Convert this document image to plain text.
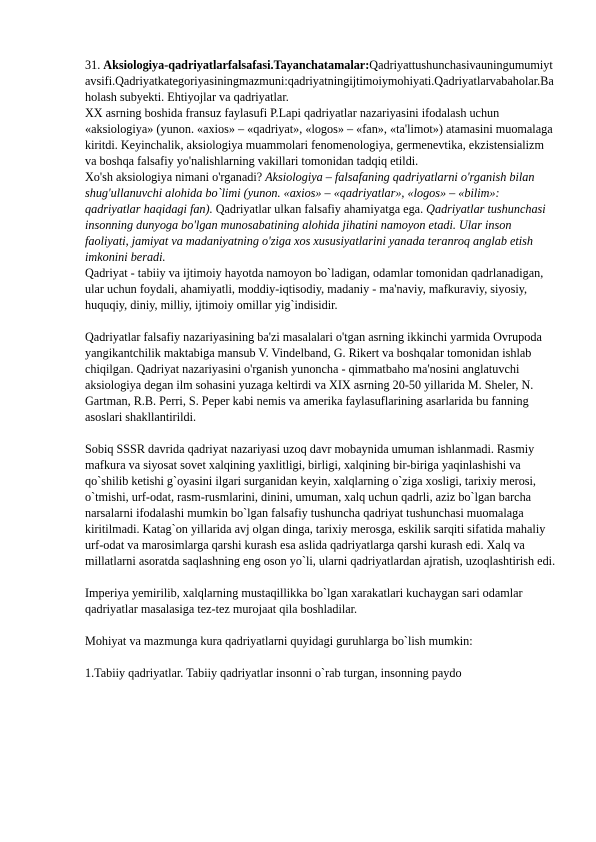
31. Aksiologiya-qadriyatlarfalsafasi.Tayanchatamalar:Qadriyattushunchasivauningumumiytavsifi.Qadriyatkategoriyasiningmazmuni:qadriyatningijtimoiymohiyati.Qadriyatlarvabaholar.Baholash subyekti. Ehtiyojlar va qadriyatlar.

XX asrning boshida fransuz faylasufi P.Lapi qadriyatlar nazariyasini ifodalash uchun «aksiologiya» (yunon. «axios» – «qadriyat», «logos» – «fan», «ta'limot») atamasini muomalaga kiritdi. Keyinchalik, aksiologiya muammolari fenomenologiya, germenevtika, ekzistensializm va boshqa falsafiy yo'nalishlarning vakillari tomonidan tadqiq etildi.

Xo'sh aksiologiya nimani o'rganadi? Aksiologiya – falsafaning qadriyatlarni o'rganish bilan shug'ullanuvchi alohida bo`limi (yunon. «axios» – «qadriyatlar», «logos» – «bilim»: qadriyatlar haqidagi fan). Qadriyatlar ulkan falsafiy ahamiyatga ega. Qadriyatlar tushunchasi insonning dunyoga bo'lgan munosabatining alohida jihatini namoyon etadi. Ular inson faoliyati, jamiyat va madaniyatning o'ziga xos xususiyatlarini yanada teranroq anglab etish imkonini beradi.

Qadriyat - tabiiy va ijtimoiy hayotda namoyon bo`ladigan, odamlar tomonidan qadrlanadigan, ular uchun foydali, ahamiyatli, moddiy-iqtisodiy, madaniy - ma'naviy, mafkuraviy, siyosiy, huquqiy, diniy, milliy, ijtimoiy omillar yig`indisidir.

Qadriyatlar falsafiy nazariyasining ba'zi masalalari o'tgan asrning ikkinchi yarmida Ovrupoda yangikantchilik maktabiga mansub V. Vindelband, G. Rikert va boshqalar tomonidan ishlab chiqilgan. Qadriyat nazariyasini o'rganish yunoncha - qimmatbaho ma'nosini anglatuvchi aksiologiya degan ilm sohasini yuzaga keltirdi va XIX asrning 20-50 yillarida M. Sheler, N. Gartman, R.B. Perri, S. Peper kabi nemis va amerika faylasuflarining asarlarida bu fanning asoslari shakllantirildi.

Sobiq SSSR davrida qadriyat nazariyasi uzoq davr mobaynida umuman ishlanmadi. Rasmiy mafkura va siyosat sovet xalqining yaxlitligi, birligi, xalqining bir-biriga yaqinlashishi va qo`shilib ketishi g`oyasini ilgari surganidan keyin, xalqlarning o`ziga xosligi, tarixiy merosi, o`tmishi, urf-odat, rasm-rusmlarini, dinini, umuman, xalq uchun qadrli, aziz bo`lgan barcha narsalarni ifodalashi mumkin bo`lgan falsafiy tushuncha qadriyat tushunchasi muomalaga kiritilmadi. Katag`on yillarida avj olgan dinga, tarixiy merosga, eskilik sarqiti sifatida mahaliy urf-odat va marosimlarga qarshi kurash esa aslida qadriyatlarga qarshi kurash edi. Xalq va millatlarni asoratda saqlashning eng oson yo`li, ularni qadriyatlardan ajratish, uzoqlashtirish edi.

Imperiya yemirilib, xalqlarning mustaqillikka bo`lgan xarakatlari kuchaygan sari odamlar qadriyatlar masalasiga tez-tez murojaat qila boshladilar.

Mohiyat va mazmunga kura qadriyatlarni quyidagi guruhlarga bo`lish mumkin:

1.Tabiiy qadriyatlar. Tabiiy qadriyatlar insonni o`rab turgan, insonning paydo
